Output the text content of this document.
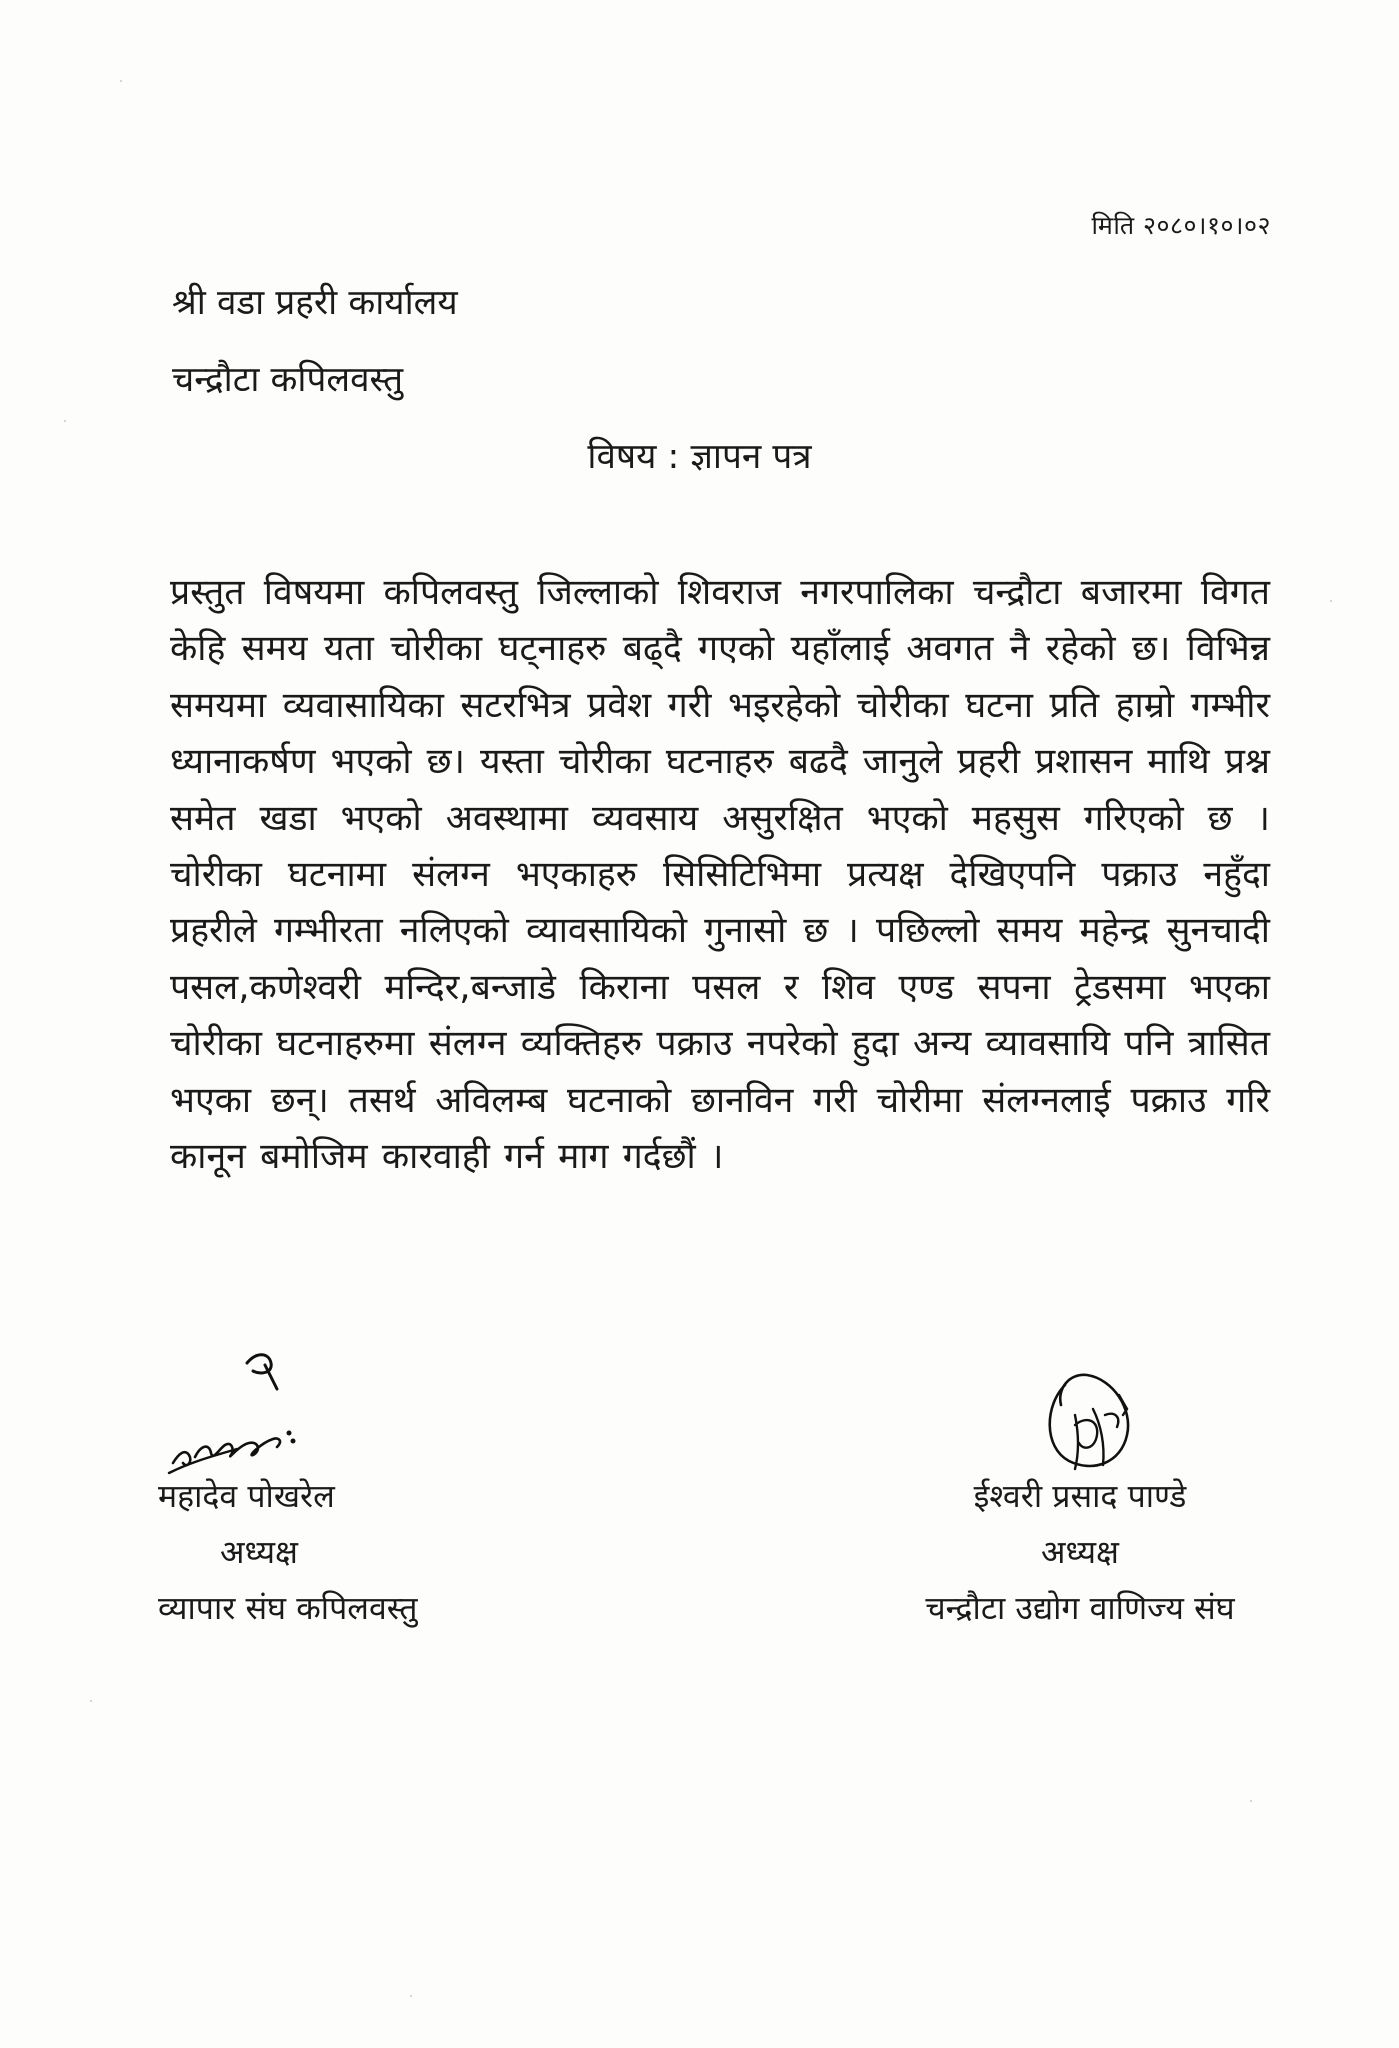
मिति २०८०।१०।०२
श्री वडा प्रहरी कार्यालय
चन्द्रौटा कपिलवस्तु
विषय : ज्ञापन पत्र
प्रस्तुत विषयमा कपिलवस्तु जिल्लाको शिवराज नगरपालिका चन्द्रौटा बजारमा विगत केहि समय यता चोरीका घट्नाहरु बढ्दै गएको यहाँलाई अवगत नै रहेको छ। विभिन्न समयमा व्यवासायिका सटरभित्र प्रवेश गरी भइरहेको चोरीका घटना प्रति हाम्रो गम्भीर ध्यानाकर्षण भएको छ। यस्ता चोरीका घटनाहरु बढदै जानुले प्रहरी प्रशासन माथि प्रश्न समेत खडा भएको अवस्थामा व्यवसाय असुरक्षित भएको महसुस गरिएको छ । चोरीका घटनामा संलग्न भएकाहरु सिसिटिभिमा प्रत्यक्ष देखिएपनि पक्राउ नहुँदा प्रहरीले गम्भीरता नलिएको व्यावसायिको गुनासो छ । पछिल्लो समय महेन्द्र सुनचादी पसल,कणेश्वरी मन्दिर,बन्जाडे किराना पसल र शिव एण्ड सपना ट्रेडसमा भएका चोरीका घटनाहरुमा संलग्न व्यक्तिहरु पक्राउ नपरेको हुदा अन्य व्यावसायि पनि त्रासित भएका छन्। तसर्थ अविलम्ब घटनाको छानविन गरी चोरीमा संलग्नलाई पक्राउ गरि कानून बमोजिम कारवाही गर्न माग गर्दछौं ।
महादेव पोखरेल
अध्यक्ष
व्यापार संघ कपिलवस्तु
ईश्वरी प्रसाद पाण्डे
अध्यक्ष
चन्द्रौटा उद्योग वाणिज्य संघ
